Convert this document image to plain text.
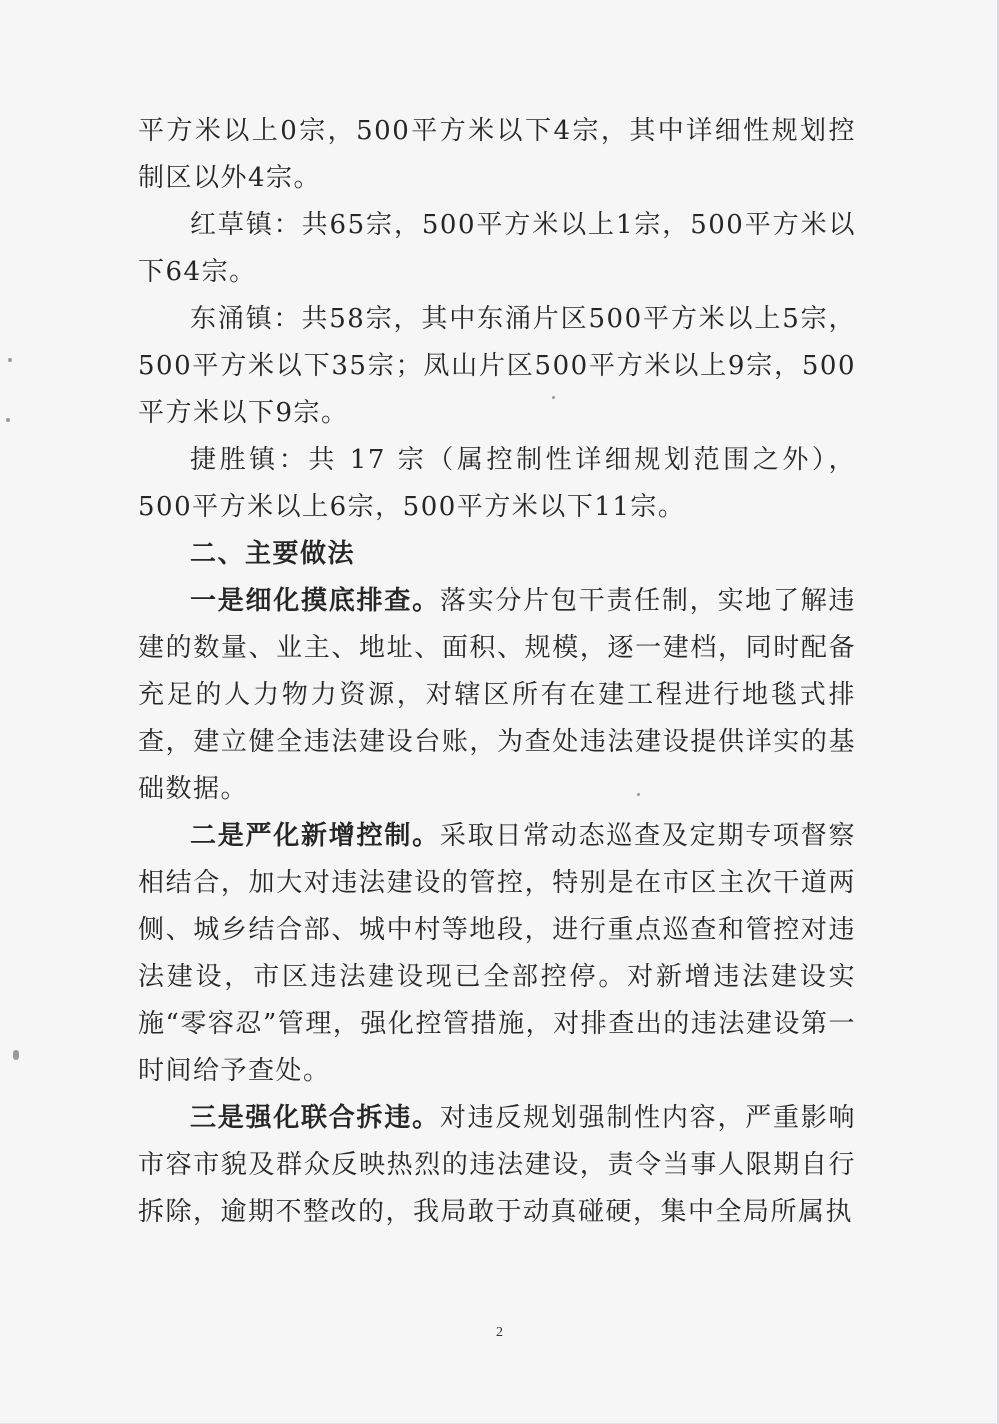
平方米以上0宗，500平方米以下4宗，其中详细性规划控制区以外4宗。

红草镇：共65宗，500平方米以上1宗，500平方米以下64宗。

东涌镇：共58宗，其中东涌片区500平方米以上5宗，500平方米以下35宗；凤山片区500平方米以上9宗，500平方米以下9宗。

捷胜镇：共 17 宗（属控制性详细规划范围之外），500平方米以上6宗，500平方米以下11宗。

二、主要做法

一是细化摸底排查。落实分片包干责任制，实地了解违建的数量、业主、地址、面积、规模，逐一建档，同时配备充足的人力物力资源，对辖区所有在建工程进行地毯式排查，建立健全违法建设台账，为查处违法建设提供详实的基础数据。

二是严化新增控制。采取日常动态巡查及定期专项督察相结合，加大对违法建设的管控，特别是在市区主次干道两侧、城乡结合部、城中村等地段，进行重点巡查和管控对违法建设，市区违法建设现已全部控停。对新增违法建设实施“零容忍”管理，强化控管措施，对排查出的违法建设第一时间给予查处。

三是强化联合拆违。对违反规划强制性内容，严重影响市容市貌及群众反映热烈的违法建设，责令当事人限期自行拆除，逾期不整改的，我局敢于动真碰硬，集中全局所属执

2
